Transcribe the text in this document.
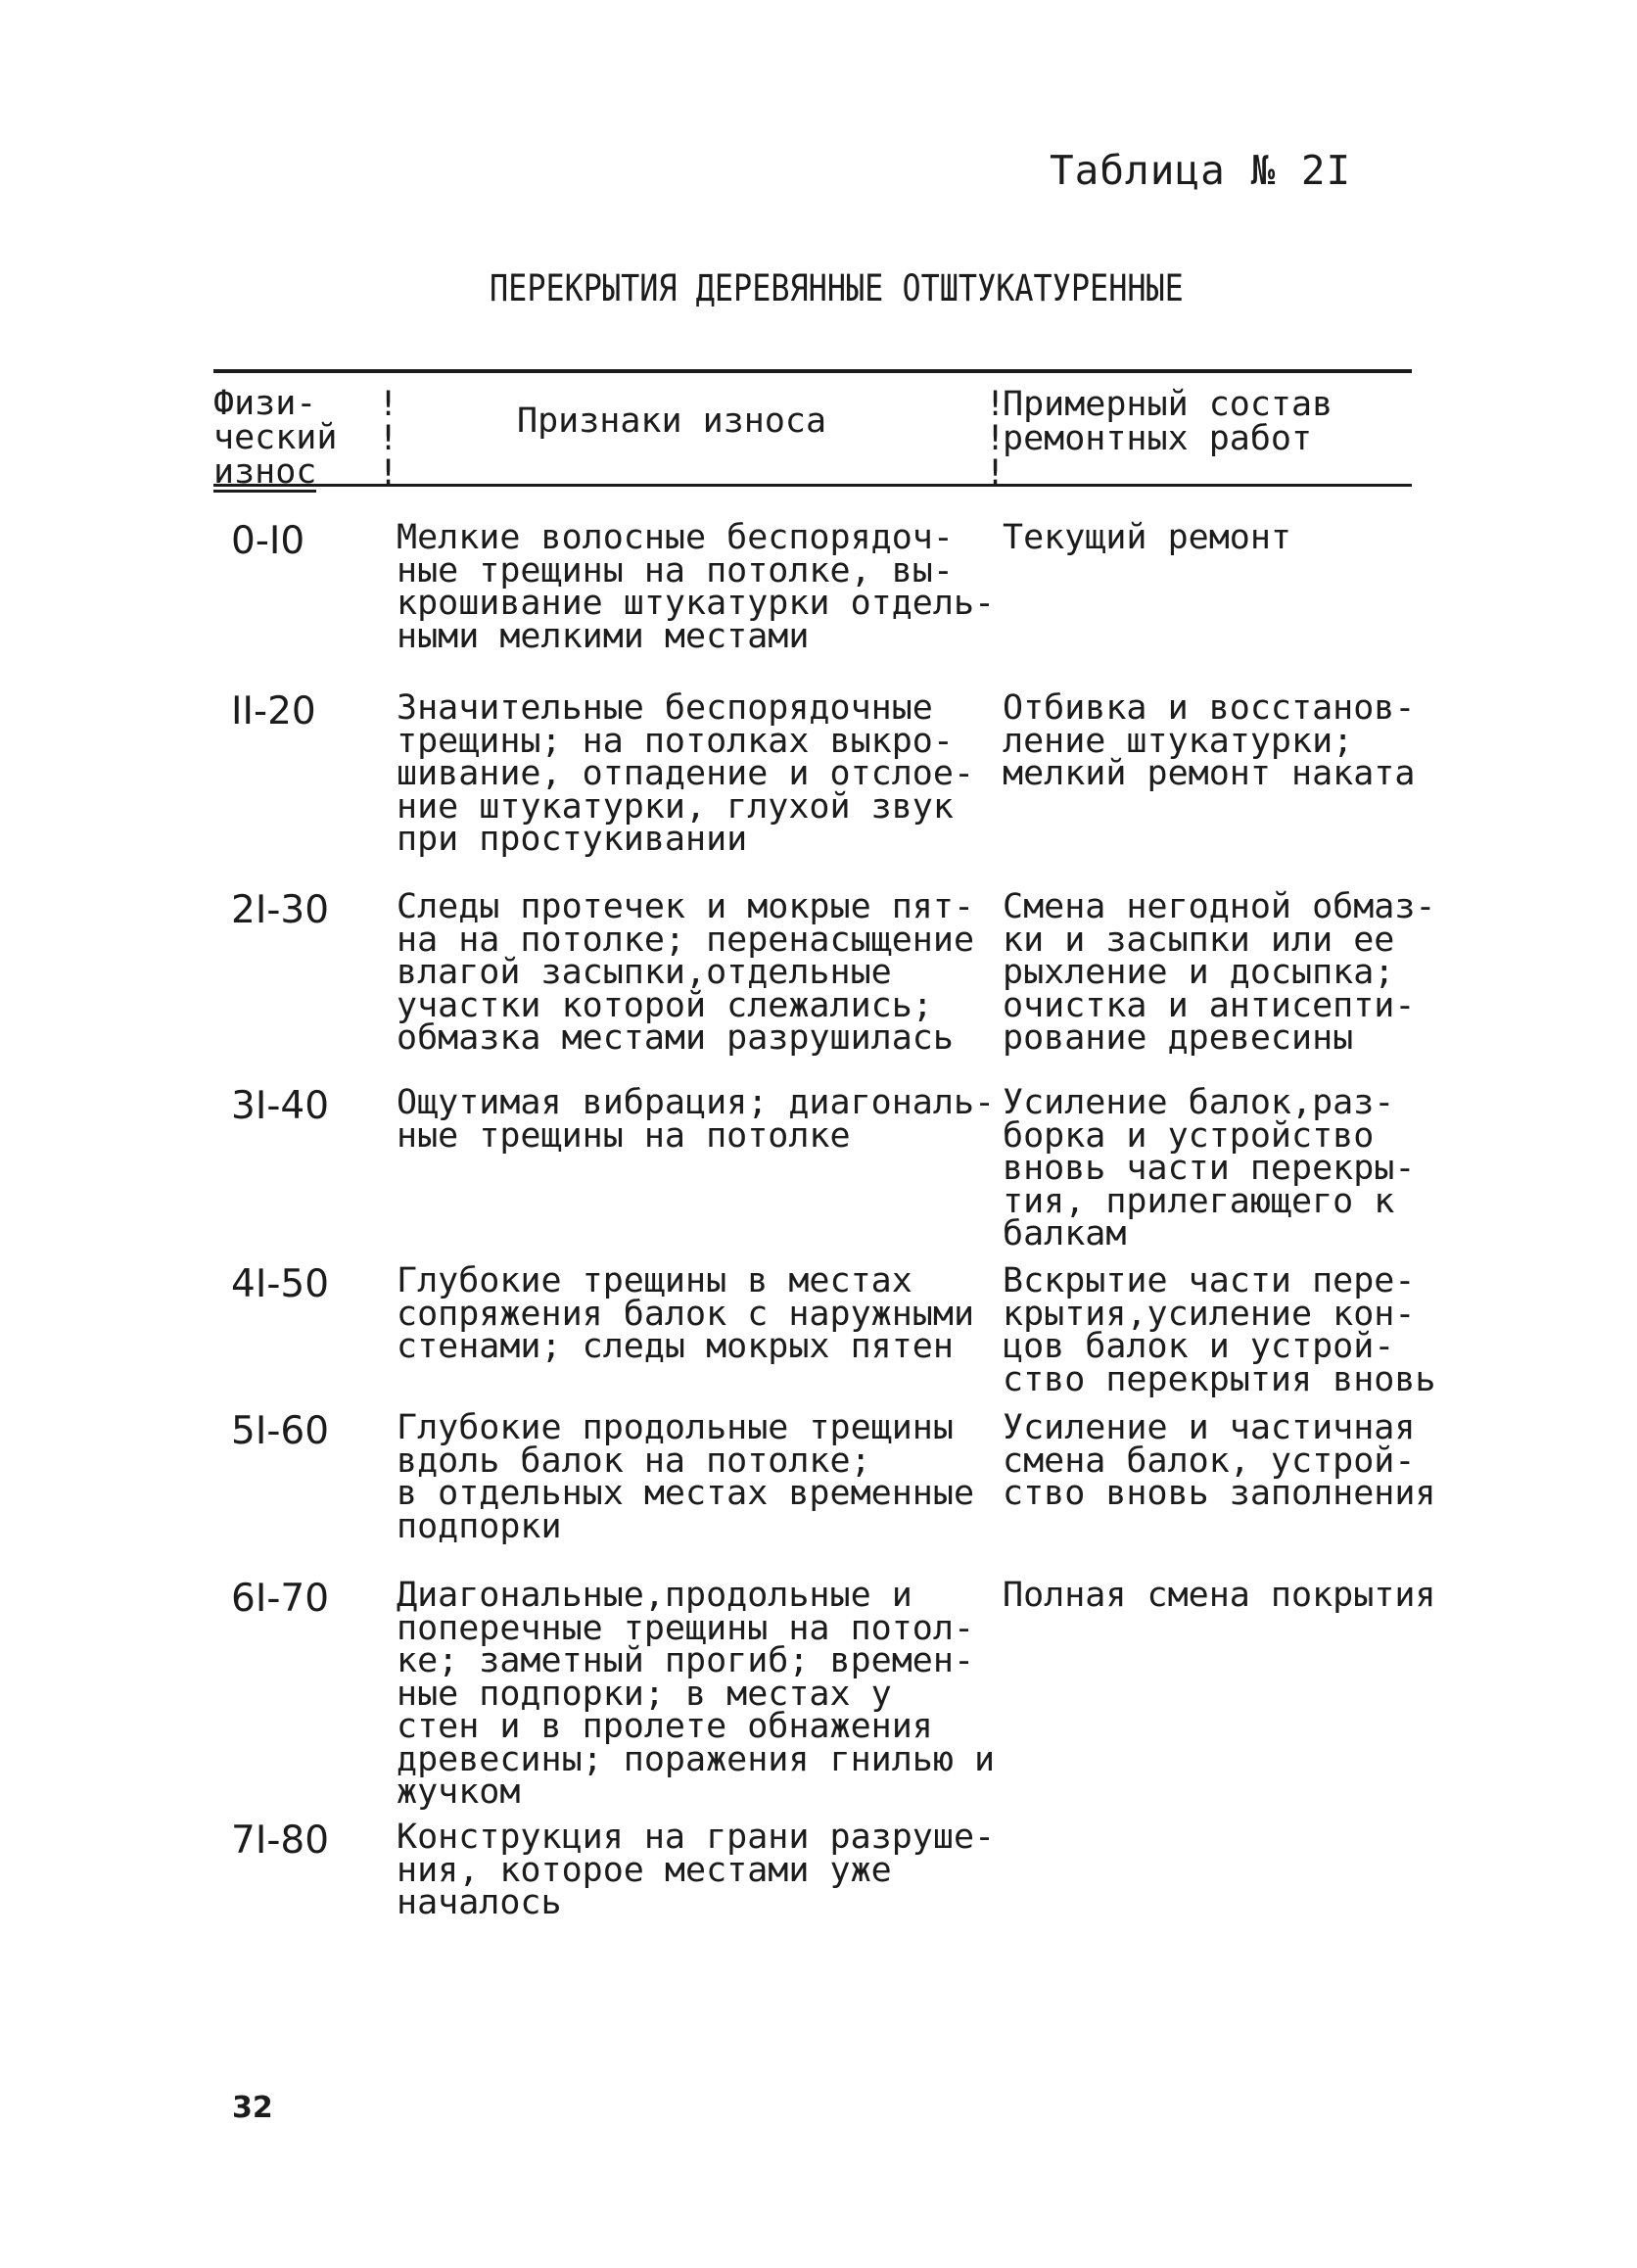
Таблица № 2I
ПЕРЕКРЫТИЯ ДЕРЕВЯННЫЕ ОТШТУКАТУРЕННЫЕ
Физи-
ческий
износ
!
!
!
Признаки износа	!
!
!
Примерный состав
ремонтных работ
0-I0	Мелкие волосные беспорядоч-
ные трещины на потолке, вы-
крошивание штукатурки отдель-
ными мелкими местами
Текущий ремонт
II-20 Значительные беспорядочные
трещины; на потолках выкро-
шивание, отпадение и отслое-
ние штукатурки, глухой звук
при простукивании
Отбивка и восстанов-
ление штукатурки;
мелкий ремонт наката
2I-30 Следы протечек и мокрые пят-
на на потолке; перенасыщение
влагой засыпки,отдельные
участки которой слежались;
обмазка местами разрушилась
Смена негодной обмаз-
ки и засыпки или ее
рыхление и досыпка;
очистка и антисепти-
рование древесины
3I-40 Ощутимая вибрация; диагональ-
ные трещины на потолке
Усиление балок,раз-
борка и устройство
вновь части перекры-
тия, прилегающего к
балкам
4I-50 Глубокие трещины в местах
сопряжения балок с наружными
стенами; следы мокрых пятен
Вскрытие части пере-
крытия,усиление кон-
цов балок и устрой-
ство перекрытия вновь
5I-60 Глубокие продольные трещины
вдоль балок на потолке;
в отдельных местах временные
подпорки
Усиление и частичная
смена балок, устрой-
ство вновь заполнения
6I-70 Диагональные,продольные и
поперечные трещины на потол-
ке; заметный прогиб; времен-
ные подпорки; в местах у
стен и в пролете обнажения
древесины; поражения гнилью и
жучком
Полная смена покрытия
7I-80 Конструкция на грани разруше-
ния, которое местами уже
началось
32
